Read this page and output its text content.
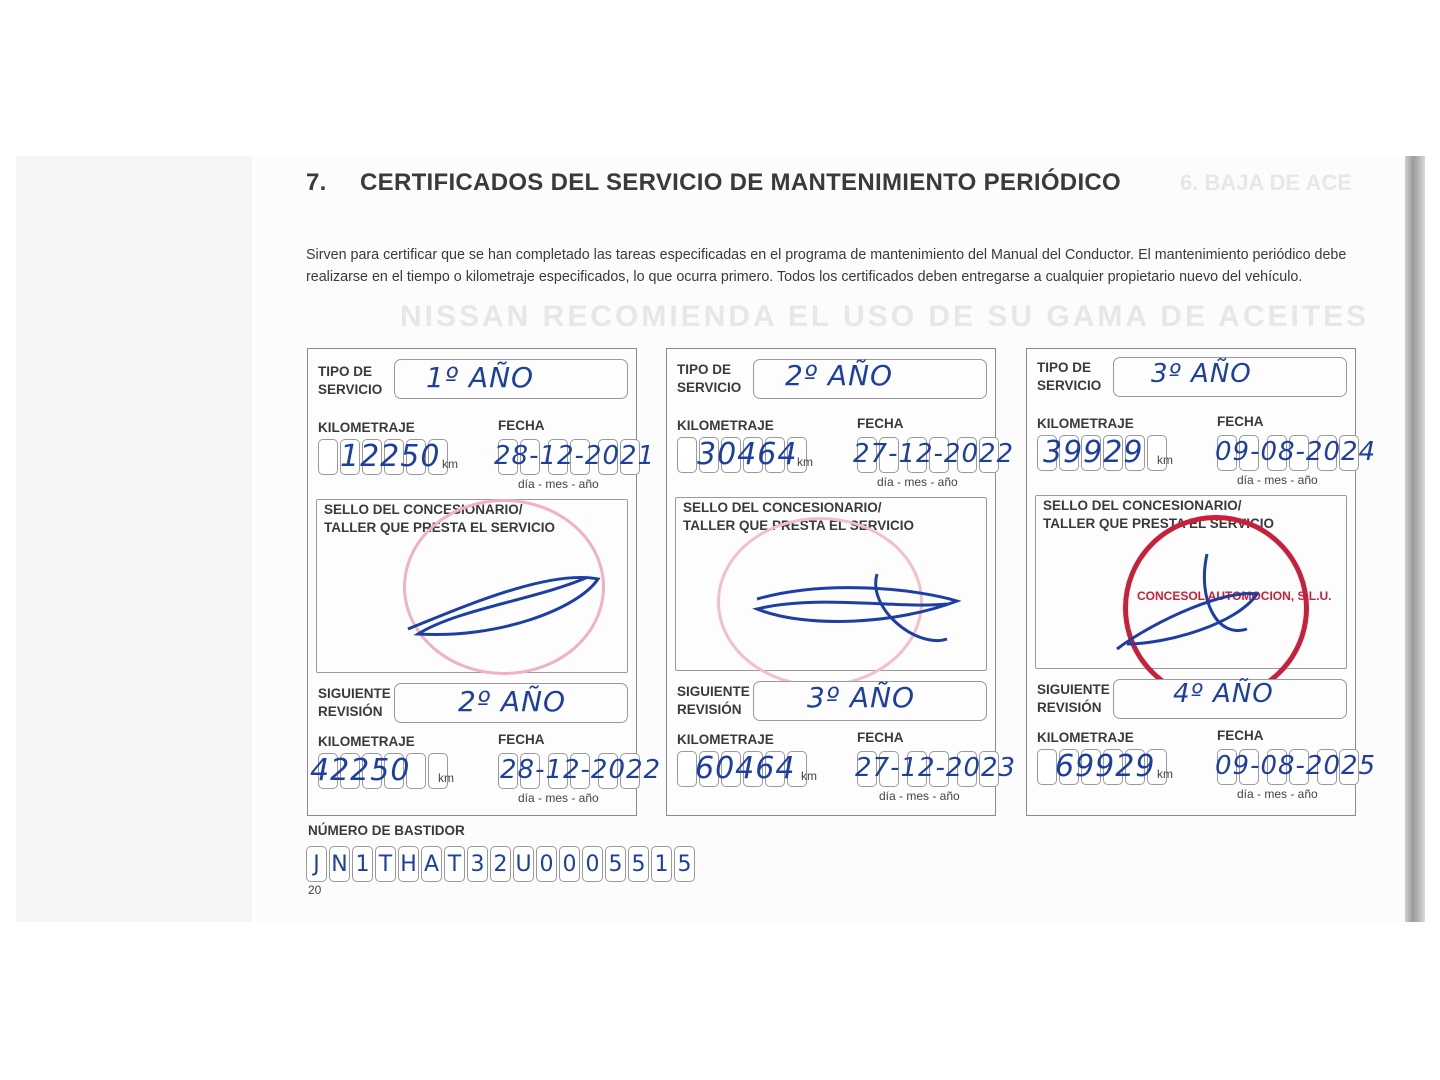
6. BAJA DE ACE
NISSAN RECOMIENDA EL USO DE SU GAMA DE ACEITES
7. CERTIFICADOS DEL SERVICIO DE MANTENIMIENTO PERIÓDICO
Sirven para certificar que se han completado las tareas especificadas en el programa de mantenimiento del Manual del Conductor. El mantenimiento periódico debe realizarse en el tiempo o kilometraje especificados, lo que ocurra primero. Todos los certificados deben entregarse a cualquier propietario nuevo del vehículo.
TIPO DE
SERVICIO 1º AÑO
KILOMETRAJE	FECHA
km
12250 28-12-2021
día - mes - año
SELLO DEL CONCESIONARIO/
TALLER QUE PRESTA EL SERVICIO
SIGUIENTE
REVISIÓN	2º AÑO
KILOMETRAJE	FECHA
km
42250	28-12-2022
día - mes - año
TIPO DE
SERVICIO 2º AÑO
KILOMETRAJE	FECHA
km
30464 27-12-2022
día - mes - año
SELLO DEL CONCESIONARIO/
TALLER QUE PRESTA EL SERVICIO
SIGUIENTE
REVISIÓN 3º AÑO
KILOMETRAJE	FECHA
km
60464 27-12-2023
día - mes - año
TIPO DE
SERVICIO 3º AÑO
KILOMETRAJE	FECHA
km
39929	09-08-2024
día - mes - año
SELLO DEL CONCESIONARIO/
TALLER QUE PRESTA EL SERVICIO
CONCESOL AUTOMOCION, S.L.U.
SIGUIENTE
REVISIÓN	4º AÑO
KILOMETRAJE	FECHA
km
69929 09-08-2025
día - mes - año
NÚMERO DE BASTIDOR
J N 1 T H A T 3 2 U 0 0 0 5 5 1 5
20
